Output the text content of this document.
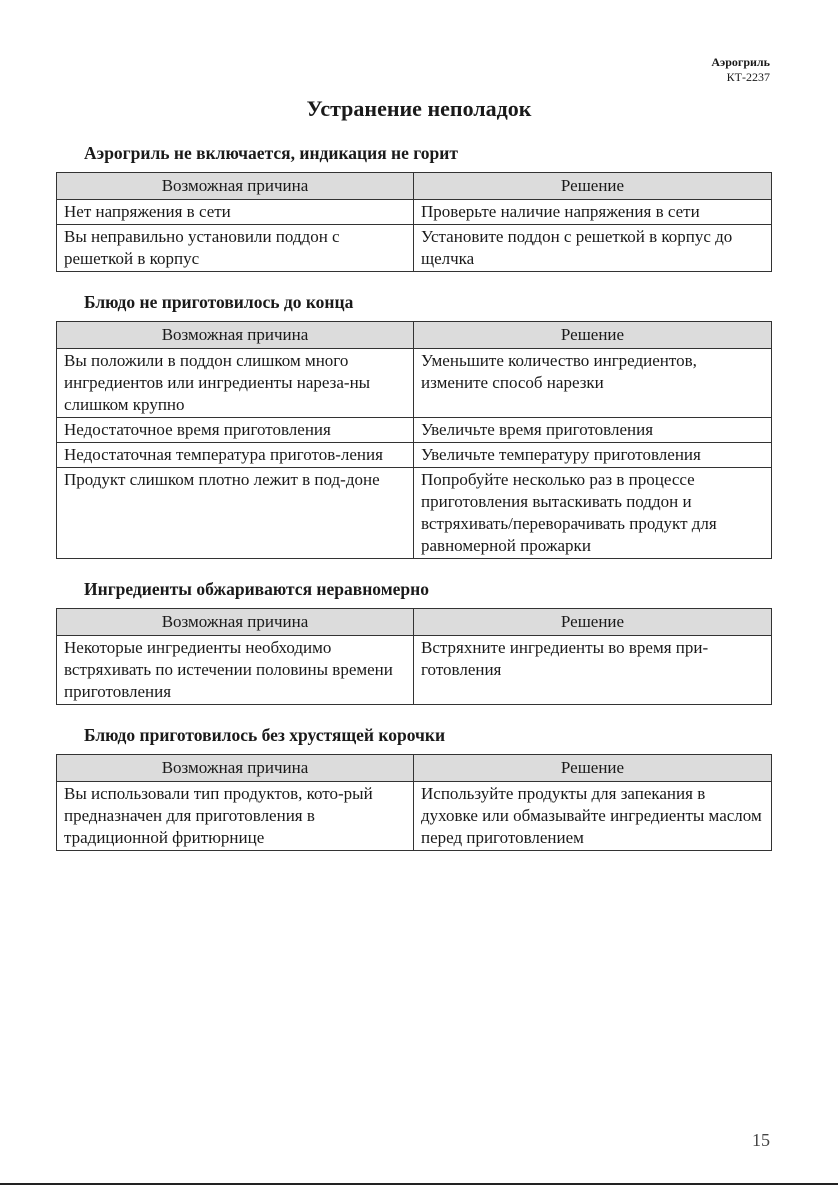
Аэрогриль
КТ-2237
Устранение неполадок
Аэрогриль не включается, индикация не горит
Возможная причина	Решение
Нет напряжения в сети	Проверьте наличие напряжения в сети
Вы неправильно установили поддон с решеткой в корпус	Установите поддон с решеткой в корпус до щелчка
Блюдо не приготовилось до конца
Возможная причина	Решение
Вы положили в поддон слишком много ингредиентов или ингредиенты нареза-ны слишком крупно	Уменьшите количество ингредиентов, измените способ нарезки
Недостаточное время приготовления	Увеличьте время приготовления
Недостаточная температура приготов-ления	Увеличьте температуру приготовления
Продукт слишком плотно лежит в под-доне	Попробуйте несколько раз в процессе приготовления вытаскивать поддон и встряхивать/переворачивать продукт для равномерной прожарки
Ингредиенты обжариваются неравномерно
Возможная причина	Решение
Некоторые ингредиенты необходимо встряхивать по истечении половины времени приготовления	Встряхните ингредиенты во время при-готовления
Блюдо приготовилось без хрустящей корочки
Возможная причина	Решение
Вы использовали тип продуктов, кото-рый предназначен для приготовления в традиционной фритюрнице	Используйте продукты для запекания в духовке или обмазывайте ингредиенты маслом перед приготовлением
15
